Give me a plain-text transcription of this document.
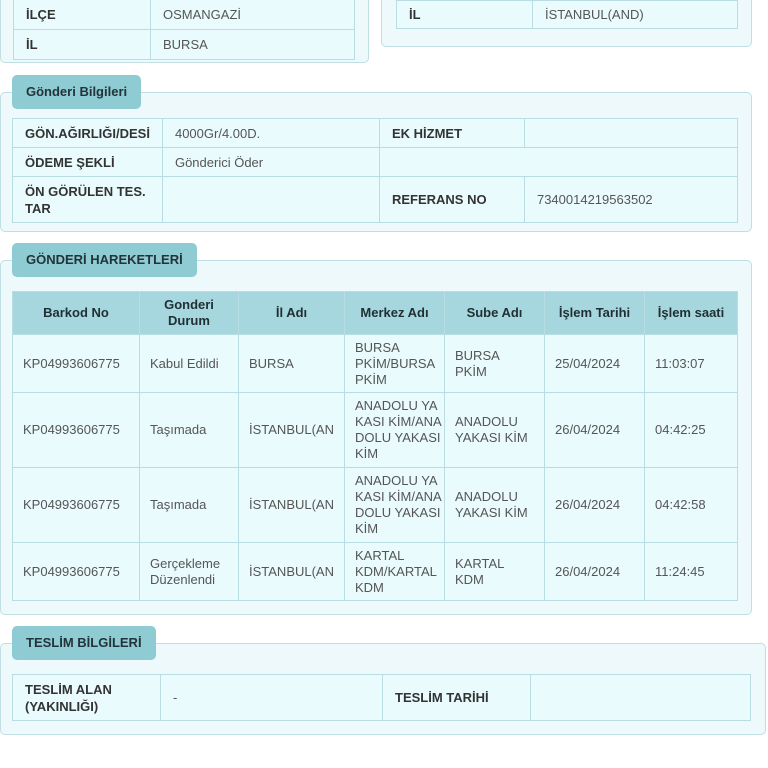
İLÇE	OSMANGAZİ
İL	BURSA

İL	İSTANBUL(AND)
Gönderi Bilgileri
GÖN.AĞIRLIĞI/DESİ	4000Gr/4.00D.	EK HİZMET	
ÖDEME ŞEKLİ	Gönderici Öder		
ÖN GÖRÜLEN TES. TAR		REFERANS NO	7340014219563502
GÖNDERİ HAREKETLERİ
Barkod No	Gonderi Durum	İl Adı	Merkez Adı	Sube Adı	İşlem Tarihi	İşlem saati
KP04993606775	Kabul Edildi	BURSA	BURSA PKİM/BURSA PKİM	BURSA PKİM	25/04/2024	11:03:07
KP04993606775	Taşımada	İSTANBUL(AN	ANADOLU YAKASI KİM/ANADOLU YAKASI KİM	ANADOLU YAKASI KİM	26/04/2024	04:42:25
KP04993606775	Taşımada	İSTANBUL(AN	ANADOLU YAKASI KİM/ANADOLU YAKASI KİM	ANADOLU YAKASI KİM	26/04/2024	04:42:58
KP04993606775	Gerçekleme Düzenlendi	İSTANBUL(AN	KARTAL KDM/KARTAL KDM	KARTAL KDM	26/04/2024	11:24:45
TESLİM BİLGİLERİ
TESLİM ALAN (YAKINLIĞI)	-	TESLİM TARİHİ	
